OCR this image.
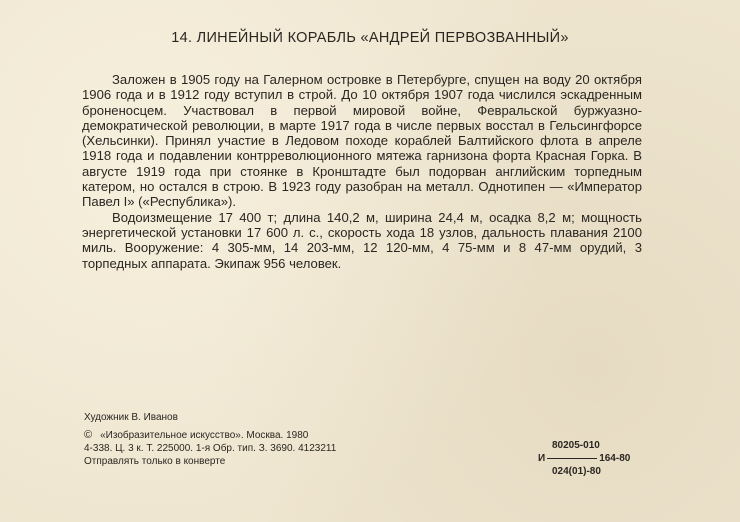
14. ЛИНЕЙНЫЙ КОРАБЛЬ «АНДРЕЙ ПЕРВОЗВАННЫЙ»

Заложен в 1905 году на Галерном островке в Петербурге, спущен на воду 20 октября 1906 года и в 1912 году вступил в строй. До 10 октября 1907 года числился эскадренным броненосцем. Участвовал в первой мировой войне, Февральской буржуазно-демократической революции, в марте 1917 года в числе первых восстал в Гельсингфорсе (Хельсинки). Принял участие в Ледовом походе кораблей Балтийского флота в апреле 1918 года и подавлении контрреволюционного мятежа гарнизона форта Красная Горка. В августе 1919 года при стоянке в Кронштадте был подорван английским торпедным катером, но остался в строю. В 1923 году разобран на металл. Однотипен — «Император Павел I» («Республика»).

Водоизмещение 17 400 т; длина 140,2 м, ширина 24,4 м, осадка 8,2 м; мощность энергетической установки 17 600 л. с., скорость хода 18 узлов, дальность плавания 2100 миль. Вооружение: 4 305-мм, 14 203-мм, 12 120-мм, 4 75-мм и 8 47-мм орудий, 3 торпедных аппарата. Экипаж 956 человек.

Художник В. Иванов
© «Изобразительное искусство». Москва. 1980
4-338. Ц. 3 к. Т. 225000. 1-я Обр. тип. З. 3690. 4123211
Отправлять только в конверте
80205-010
И	164-80
024(01)-80
